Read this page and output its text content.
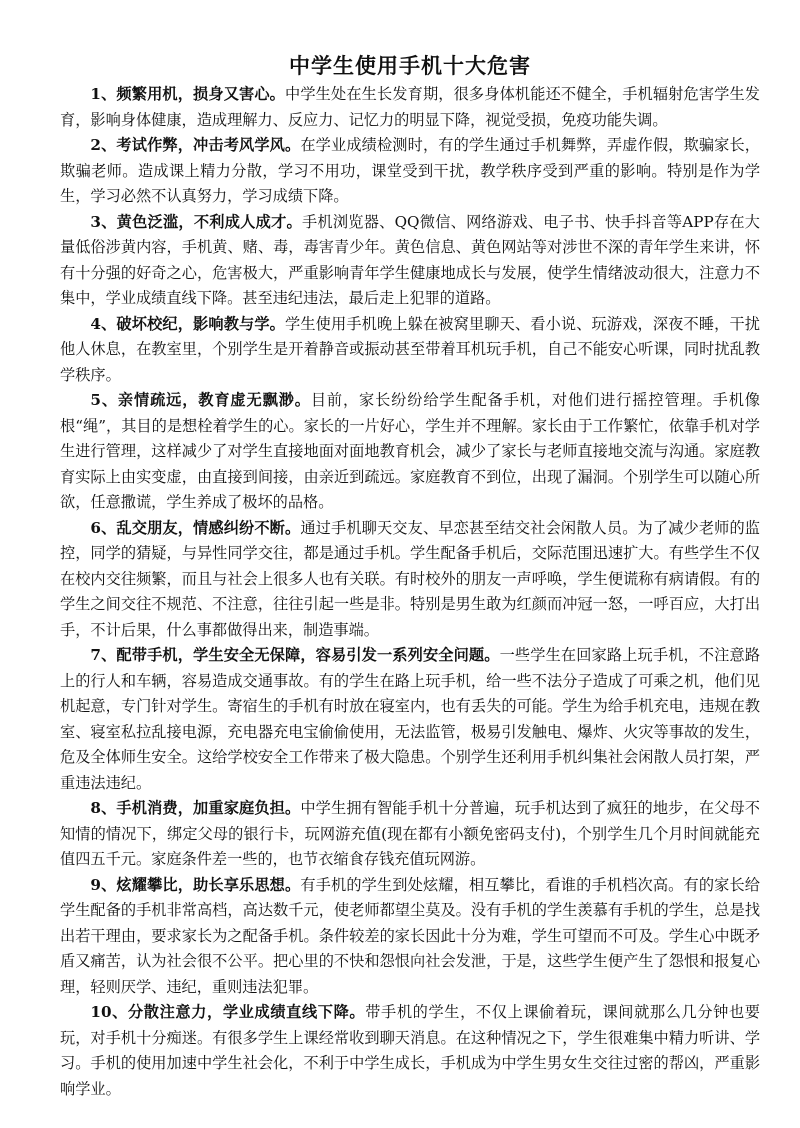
中学生使用手机十大危害

1、频繁用机，损身又害心。中学生处在生长发育期，很多身体机能还不健全，手机辐射危害学生发育，影响身体健康，造成理解力、反应力、记忆力的明显下降，视觉受损，免疫功能失调。

2、考试作弊，冲击考风学风。在学业成绩检测时，有的学生通过手机舞弊，弄虚作假，欺骗家长，欺骗老师。造成课上精力分散，学习不用功，课堂受到干扰，教学秩序受到严重的影响。特别是作为学生，学习必然不认真努力，学习成绩下降。

3、黄色泛滥，不利成人成才。手机浏览器、QQ微信、网络游戏、电子书、快手抖音等APP存在大量低俗涉黄内容，手机黄、赌、毒，毒害青少年。黄色信息、黄色网站等对涉世不深的青年学生来讲，怀有十分强的好奇之心，危害极大，严重影响青年学生健康地成长与发展，使学生情绪波动很大，注意力不集中，学业成绩直线下降。甚至违纪违法，最后走上犯罪的道路。

4、破坏校纪，影响教与学。学生使用手机晚上躲在被窝里聊天、看小说、玩游戏，深夜不睡，干扰他人休息，在教室里，个别学生是开着静音或振动甚至带着耳机玩手机，自己不能安心听课，同时扰乱教学秩序。

5、亲情疏远，教育虚无飘渺。目前，家长纷纷给学生配备手机，对他们进行摇控管理。手机像根“绳”，其目的是想栓着学生的心。家长的一片好心，学生并不理解。家长由于工作繁忙，依靠手机对学生进行管理，这样减少了对学生直接地面对面地教育机会，减少了家长与老师直接地交流与沟通。家庭教育实际上由实变虚，由直接到间接，由亲近到疏远。家庭教育不到位，出现了漏洞。个别学生可以随心所欲，任意撒谎，学生养成了极坏的品格。

6、乱交朋友，情感纠纷不断。通过手机聊天交友、早恋甚至结交社会闲散人员。为了减少老师的监控，同学的猜疑，与异性同学交往，都是通过手机。学生配备手机后，交际范围迅速扩大。有些学生不仅在校内交往频繁，而且与社会上很多人也有关联。有时校外的朋友一声呼唤，学生便谎称有病请假。有的学生之间交往不规范、不注意，往往引起一些是非。特别是男生敢为红颜而冲冠一怒，一呼百应，大打出手，不计后果，什么事都做得出来，制造事端。

7、配带手机，学生安全无保障，容易引发一系列安全问题。一些学生在回家路上玩手机，不注意路上的行人和车辆，容易造成交通事故。有的学生在路上玩手机，给一些不法分子造成了可乘之机，他们见机起意，专门针对学生。寄宿生的手机有时放在寝室内，也有丢失的可能。学生为给手机充电，违规在教室、寝室私拉乱接电源，充电器充电宝偷偷使用，无法监管，极易引发触电、爆炸、火灾等事故的发生，危及全体师生安全。这给学校安全工作带来了极大隐患。个别学生还利用手机纠集社会闲散人员打架，严重违法违纪。

8、手机消费，加重家庭负担。中学生拥有智能手机十分普遍，玩手机达到了疯狂的地步，在父母不知情的情况下，绑定父母的银行卡，玩网游充值(现在都有小额免密码支付)，个别学生几个月时间就能充值四五千元。家庭条件差一些的，也节衣缩食存钱充值玩网游。

9、炫耀攀比，助长享乐思想。有手机的学生到处炫耀，相互攀比，看谁的手机档次高。有的家长给学生配备的手机非常高档，高达数千元，使老师都望尘莫及。没有手机的学生羡慕有手机的学生，总是找出若干理由，要求家长为之配备手机。条件较差的家长因此十分为难，学生可望而不可及。学生心中既矛盾又痛苦，认为社会很不公平。把心里的不快和怨恨向社会发泄，于是，这些学生便产生了怨恨和报复心理，轻则厌学、违纪，重则违法犯罪。

10、分散注意力，学业成绩直线下降。带手机的学生，不仅上课偷着玩，课间就那么几分钟也要玩，对手机十分痴迷。有很多学生上课经常收到聊天消息。在这种情况之下，学生很难集中精力听讲、学习。手机的使用加速中学生社会化，不利于中学生成长，手机成为中学生男女生交往过密的帮凶，严重影响学业。
